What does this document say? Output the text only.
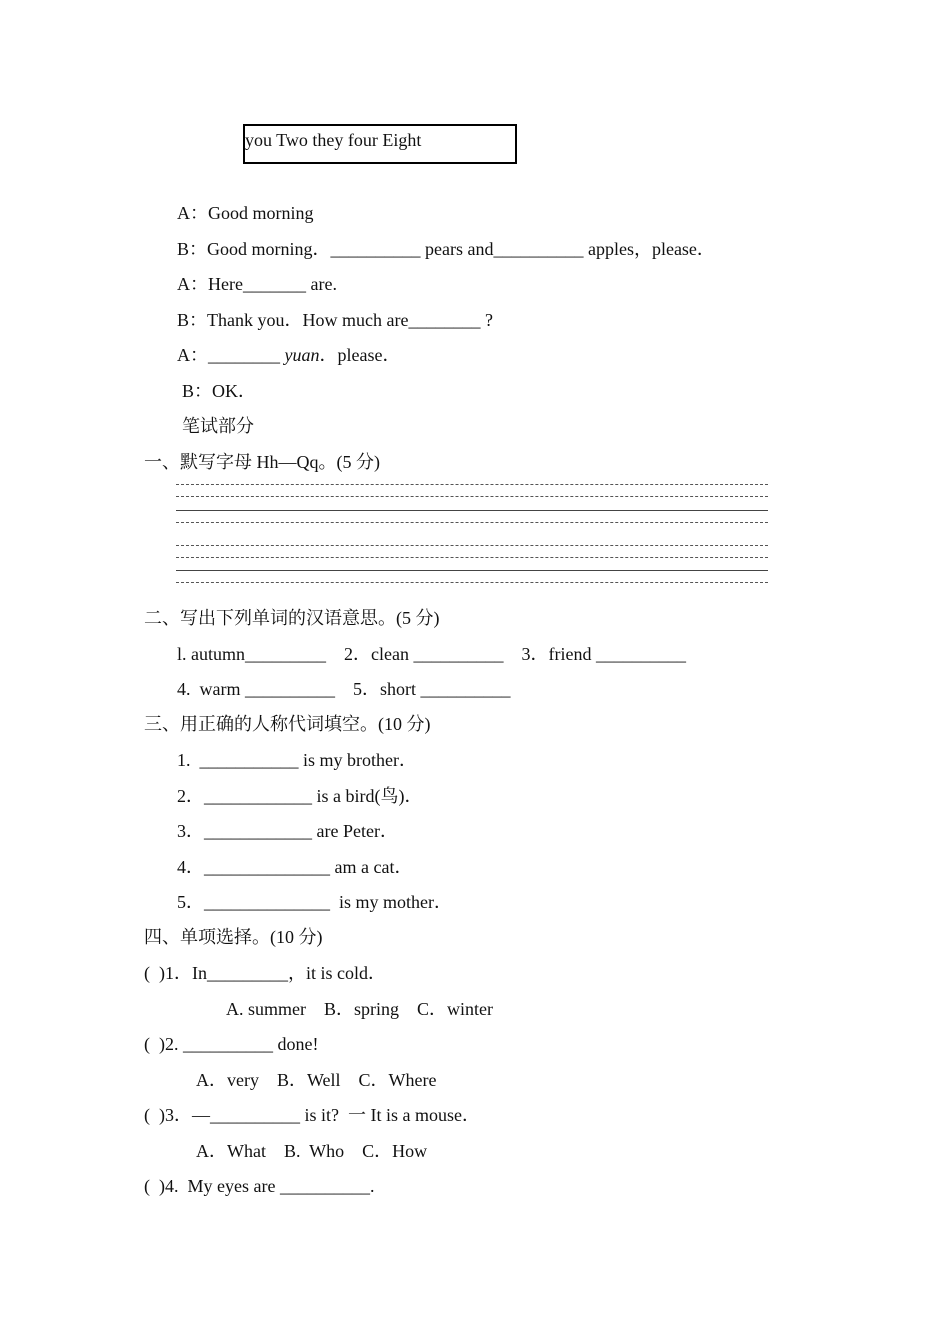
you Two they four Eight
A：Good morning
B：Good morning．__________ pears and__________ apples，please．
A：Here_______ are.
B：Thank you．How much are________ ?
A：________ yuan．please．
B：OK．
笔试部分
一、默写字母 Hh—Qq。(5 分)
二、写出下列单词的汉语意思。(5 分)
l. autumn_________    2．clean __________    3．friend __________
4.  warm __________    5．short __________
三、用正确的人称代词填空。(10 分)
1.  ___________ is my brother．
2．____________ is a bird(鸟)．
3．____________ are Peter．
4．______________ am a cat．
5．______________  is my mother．
四、单项选择。(10 分)
(  )1．In_________，it is cold．
A. summer    B．spring    C．winter
(  )2. __________ done!
A．very    B．Well    C．Where
(  )3．—__________ is it?  一 It is a mouse．
A．What    B.  Who    C．How
(  )4.  My eyes are __________.
